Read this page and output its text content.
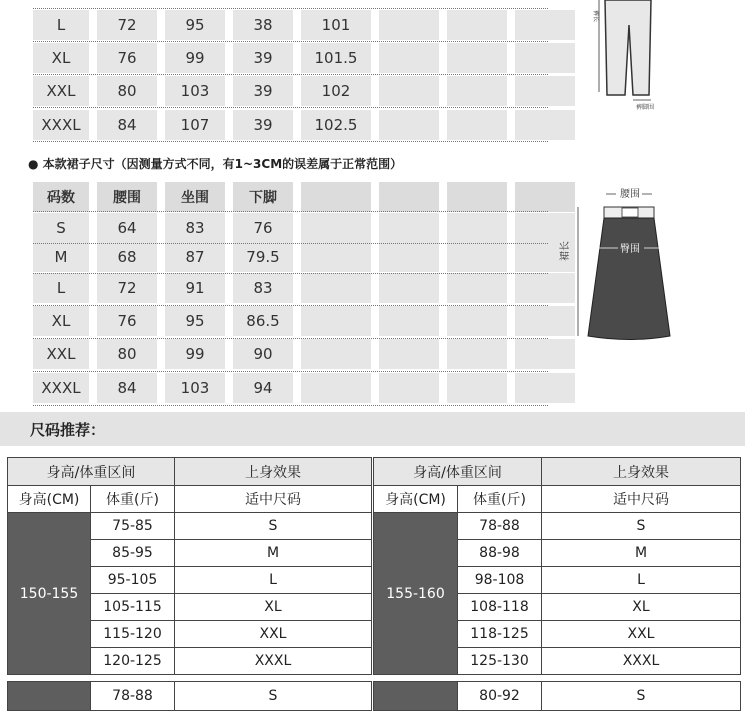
L	72	95	38	101
XL	76	99	39	101.5
XXL	80	103	39	102
XXXL	84	107	39	102.5
裤长
裤脚围
● 本款裙子尺寸（因测量方式不同，有1~3CM的误差属于正常范围）
码数	腰围	坐围	下脚
S	64	83	76
M	68	87	79.5
L	72	91	83
XL	76	95	86.5
XXL	80	99	90
XXXL	84	103	94
腰围
臀围
裙长
尺码推荐：
身高/体重区间	上身效果
身高(CM)	体重(斤)	适中尺码
150-155
75-85	S
85-95	M
95-105	L
105-115	XL
115-120	XXL
120-125	XXXL
身高/体重区间	上身效果
身高(CM)	体重(斤)	适中尺码
155-160
78-88	S
88-98	M
98-108	L
108-118	XL
118-125	XXL
125-130	XXXL
78-88	S	80-92	S
